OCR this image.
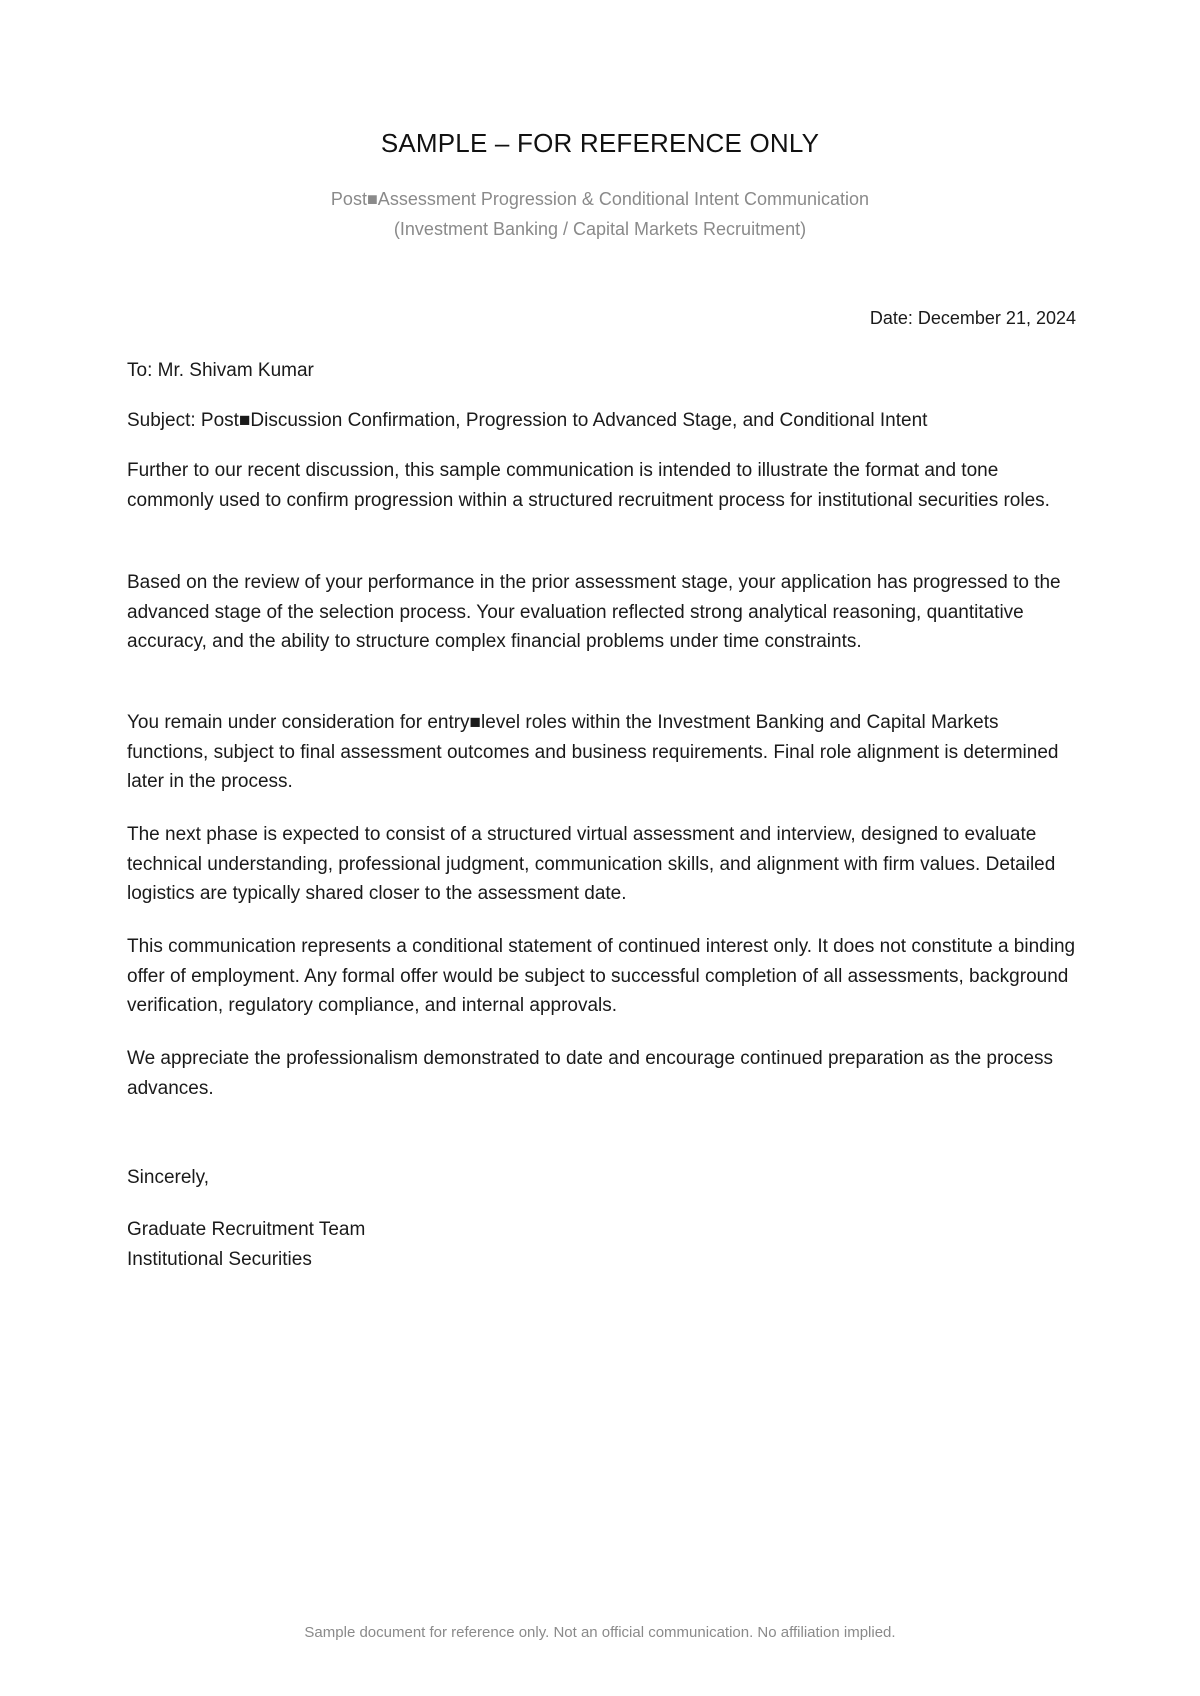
SAMPLE – FOR REFERENCE ONLY
Post■Assessment Progression & Conditional Intent Communication
(Investment Banking / Capital Markets Recruitment)
Date: December 21, 2024
To: Mr. Shivam Kumar
Subject: Post■Discussion Confirmation, Progression to Advanced Stage, and Conditional Intent
Further to our recent discussion, this sample communication is intended to illustrate the format and tone commonly used to confirm progression within a structured recruitment process for institutional securities roles.
Based on the review of your performance in the prior assessment stage, your application has progressed to the advanced stage of the selection process. Your evaluation reflected strong analytical reasoning, quantitative accuracy, and the ability to structure complex financial problems under time constraints.
You remain under consideration for entry■level roles within the Investment Banking and Capital Markets functions, subject to final assessment outcomes and business requirements. Final role alignment is determined later in the process.
The next phase is expected to consist of a structured virtual assessment and interview, designed to evaluate technical understanding, professional judgment, communication skills, and alignment with firm values. Detailed logistics are typically shared closer to the assessment date.
This communication represents a conditional statement of continued interest only. It does not constitute a binding offer of employment. Any formal offer would be subject to successful completion of all assessments, background verification, regulatory compliance, and internal approvals.
We appreciate the professionalism demonstrated to date and encourage continued preparation as the process advances.
Sincerely,
Graduate Recruitment Team
Institutional Securities
Sample document for reference only. Not an official communication. No affiliation implied.
